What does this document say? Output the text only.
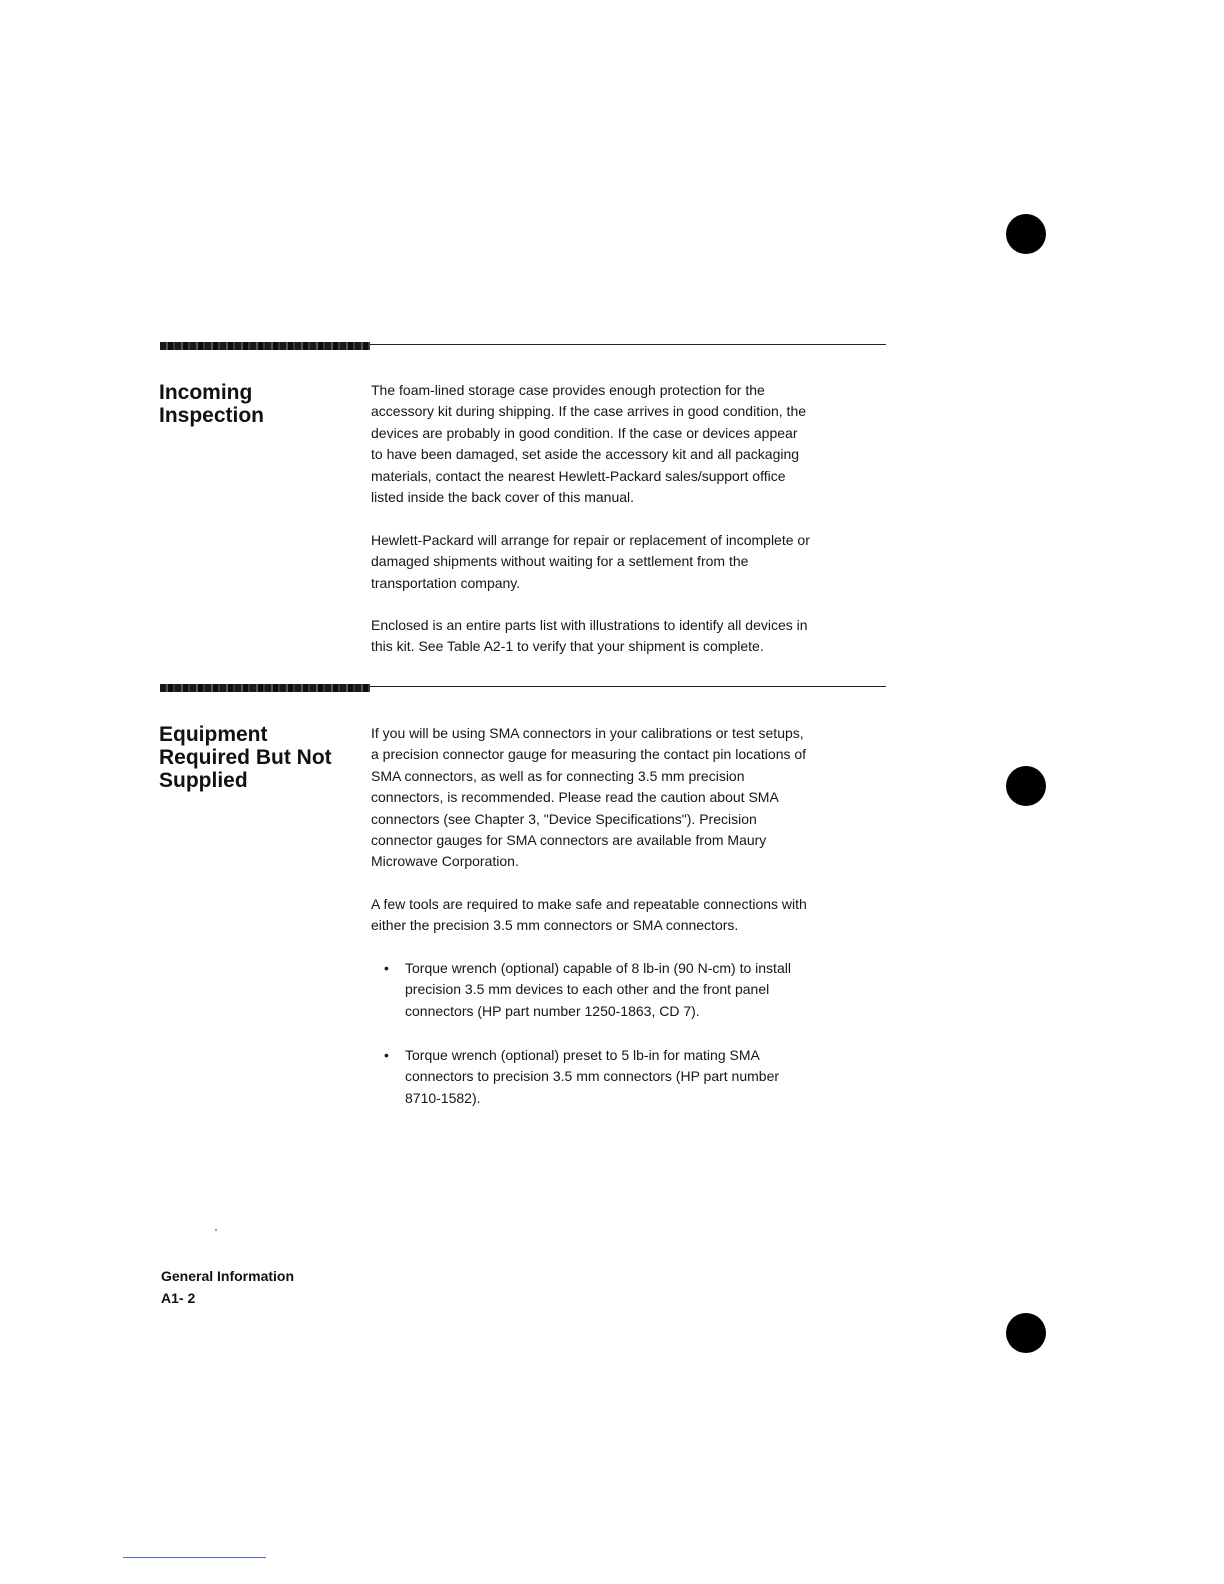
Incoming
Inspection

The foam-lined storage case provides enough protection for the
accessory kit during shipping. If the case arrives in good condition, the
devices are probably in good condition. If the case or devices appear
to have been damaged, set aside the accessory kit and all packaging
materials, contact the nearest Hewlett-Packard sales/support office
listed inside the back cover of this manual.

Hewlett-Packard will arrange for repair or replacement of incomplete or
damaged shipments without waiting for a settlement from the
transportation company.

Enclosed is an entire parts list with illustrations to identify all devices in
this kit. See Table A2-1 to verify that your shipment is complete.

Equipment
Required But Not
Supplied

If you will be using SMA connectors in your calibrations or test setups,
a precision connector gauge for measuring the contact pin locations of
SMA connectors, as well as for connecting 3.5 mm precision
connectors, is recommended. Please read the caution about SMA
connectors (see Chapter 3, "Device Specifications"). Precision
connector gauges for SMA connectors are available from Maury
Microwave Corporation.

A few tools are required to make safe and repeatable connections with
either the precision 3.5 mm connectors or SMA connectors.

• Torque wrench (optional) capable of 8 lb-in (90 N-cm) to install
precision 3.5 mm devices to each other and the front panel
connectors (HP part number 1250-1863, CD 7).
• Torque wrench (optional) preset to 5 lb-in for mating SMA
connectors to precision 3.5 mm connectors (HP part number
8710-1582).
General Information
A1- 2
